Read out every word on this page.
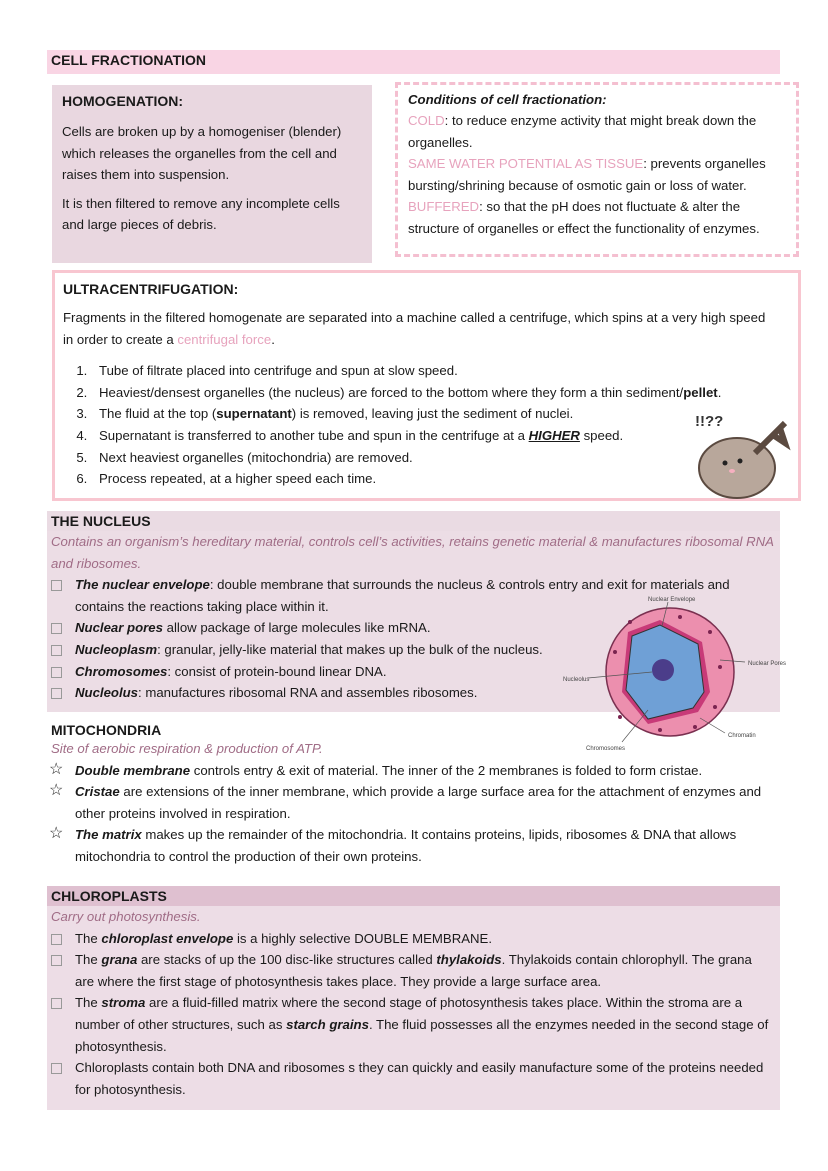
CELL FRACTIONATION
HOMOGENATION:

Cells are broken up by a homogeniser (blender) which releases the organelles from the cell and raises them into suspension.

It is then filtered to remove any incomplete cells and large pieces of debris.

Conditions of cell fractionation:

COLD: to reduce enzyme activity that might break down the organelles.

SAME WATER POTENTIAL AS TISSUE: prevents organelles bursting/shrining because of osmotic gain or loss of water.

BUFFERED: so that the pH does not fluctuate & alter the structure of organelles or effect the functionality of enzymes.

ULTRACENTRIFUGATION:

Fragments in the filtered homogenate are separated into a machine called a centrifuge, which spins at a very high speed in order to create a centrifugal force.

1. Tube of filtrate placed into centrifuge and spun at slow speed.
2. Heaviest/densest organelles (the nucleus) are forced to the bottom where they form a thin sediment/pellet.
3. The fluid at the top (supernatant) is removed, leaving just the sediment of nuclei.
4. Supernatant is transferred to another tube and spun in the centrifuge at a HIGHER speed.
5. Next heaviest organelles (mitochondria) are removed.
6. Process repeated, at a higher speed each time.
!!??
THE NUCLEUS

Contains an organism’s hereditary material, controls cell’s activities, retains genetic material & manufactures ribosomal RNA and ribosomes.

The nuclear envelope: double membrane that surrounds the nucleus & controls entry and exit for materials and contains the reactions taking place within it.
Nuclear pores allow package of large molecules like mRNA.
Nucleoplasm: granular, jelly-like material that makes up the bulk of the nucleus.
Chromosomes: consist of protein-bound linear DNA.
Nucleolus: manufactures ribosomal RNA and assembles ribosomes.
Nuclear Envelope
Nuclear Pores
Nucleolus
Chromatin
Chromosomes
MITOCHONDRIA

Site of aerobic respiration & production of ATP.

☆ Double membrane controls entry & exit of material. The inner of the 2 membranes is folded to form cristae.
☆ Cristae are extensions of the inner membrane, which provide a large surface area for the attachment of enzymes and other proteins involved in respiration.
☆ The matrix makes up the remainder of the mitochondria. It contains proteins, lipids, ribosomes & DNA that allows mitochondria to control the production of their own proteins.
CHLOROPLASTS

Carry out photosynthesis.

The chloroplast envelope is a highly selective DOUBLE MEMBRANE.
The grana are stacks of up the 100 disc-like structures called thylakoids. Thylakoids contain chlorophyll. The grana are where the first stage of photosynthesis takes place. They provide a large surface area.
The stroma are a fluid-filled matrix where the second stage of photosynthesis takes place. Within the stroma are a number of other structures, such as starch grains. The fluid possesses all the enzymes needed in the second stage of photosynthesis.
Chloroplasts contain both DNA and ribosomes s they can quickly and easily manufacture some of the proteins needed for photosynthesis.
